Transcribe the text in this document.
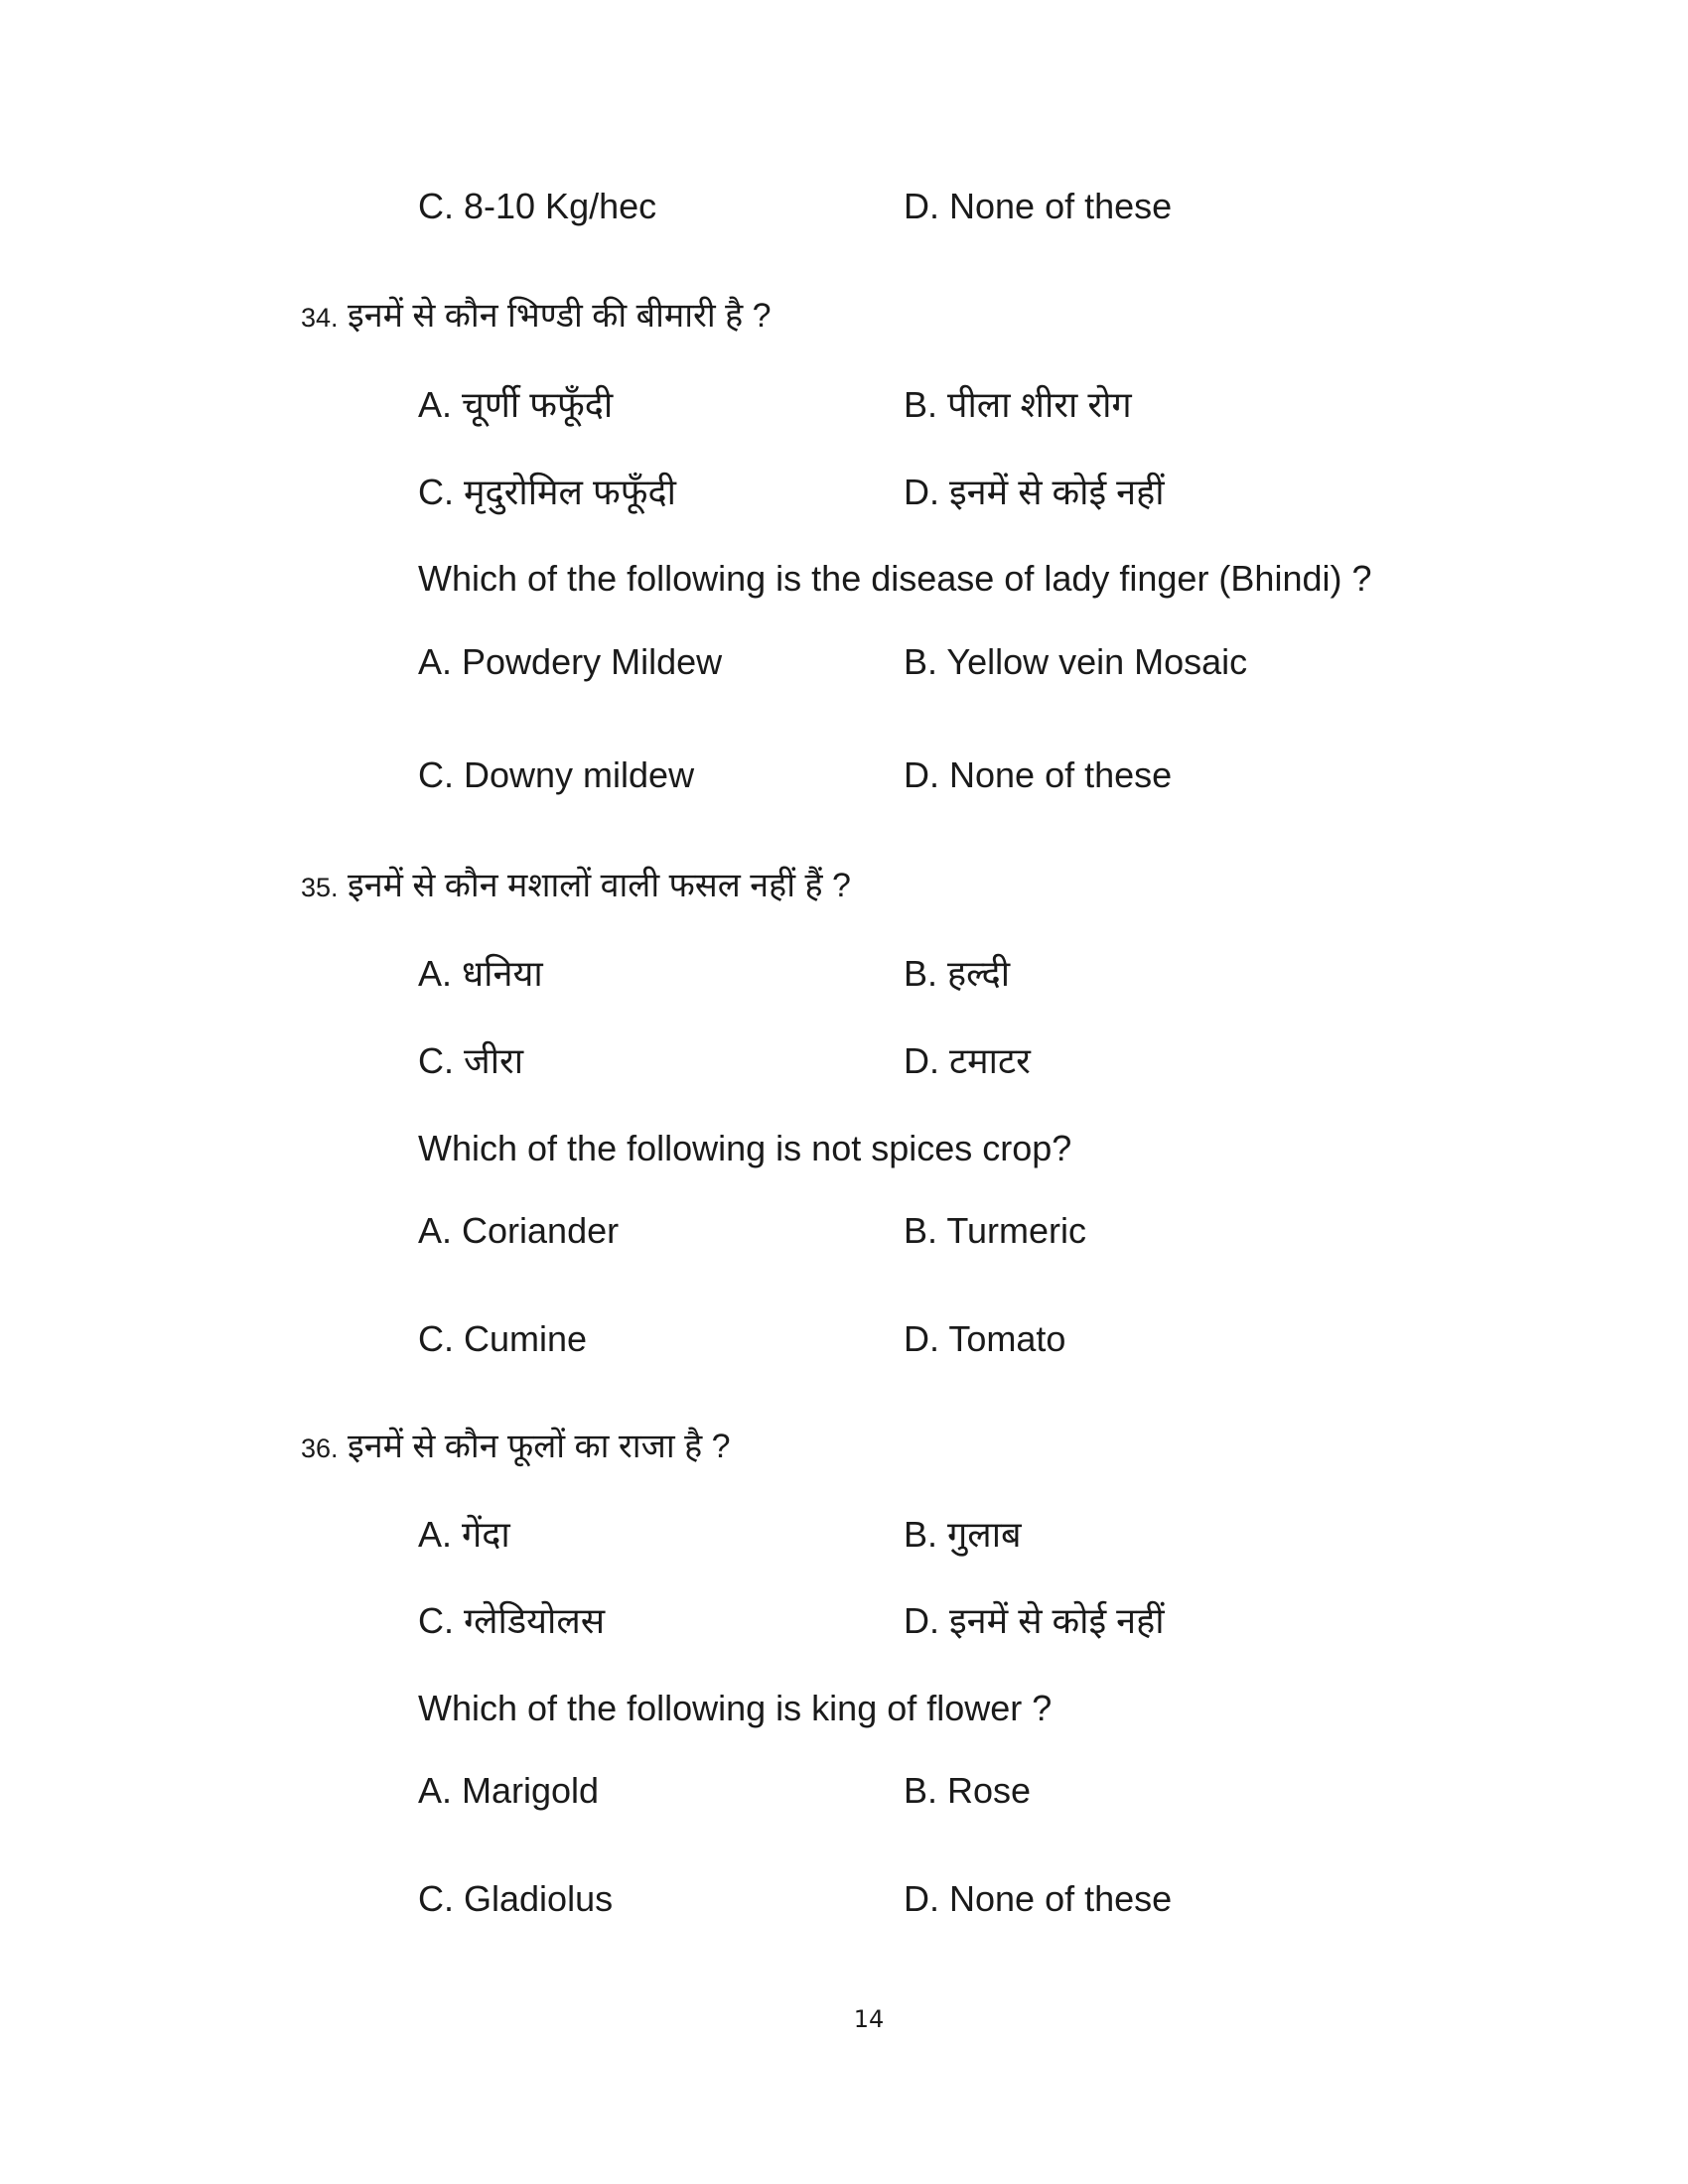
C. 8-10 Kg/hec	D. None of these
34. इनमें से कौन भिण्डी की बीमारी है ?
A. चूर्णी फफूँदी	B. पीला शीरा रोग
C. मृदुरोमिल फफूँदी	D. इनमें से कोई नहीं
Which of the following is the disease of lady finger (Bhindi) ?
A. Powdery Mildew	B. Yellow vein Mosaic
C. Downy mildew	D. None of these
35. इनमें से कौन मशालों वाली फसल नहीं हैं ?
A. धनिया	B. हल्दी
C. जीरा	D. टमाटर
Which of the following is not spices crop?
A. Coriander	B. Turmeric
C. Cumine	D. Tomato
36. इनमें से कौन फूलों का राजा है ?
A. गेंदा	B. गुलाब
C. ग्लेडियोलस	D. इनमें से कोई नहीं
Which of the following is king of flower ?
A. Marigold	B. Rose
C. Gladiolus	D. None of these
14
